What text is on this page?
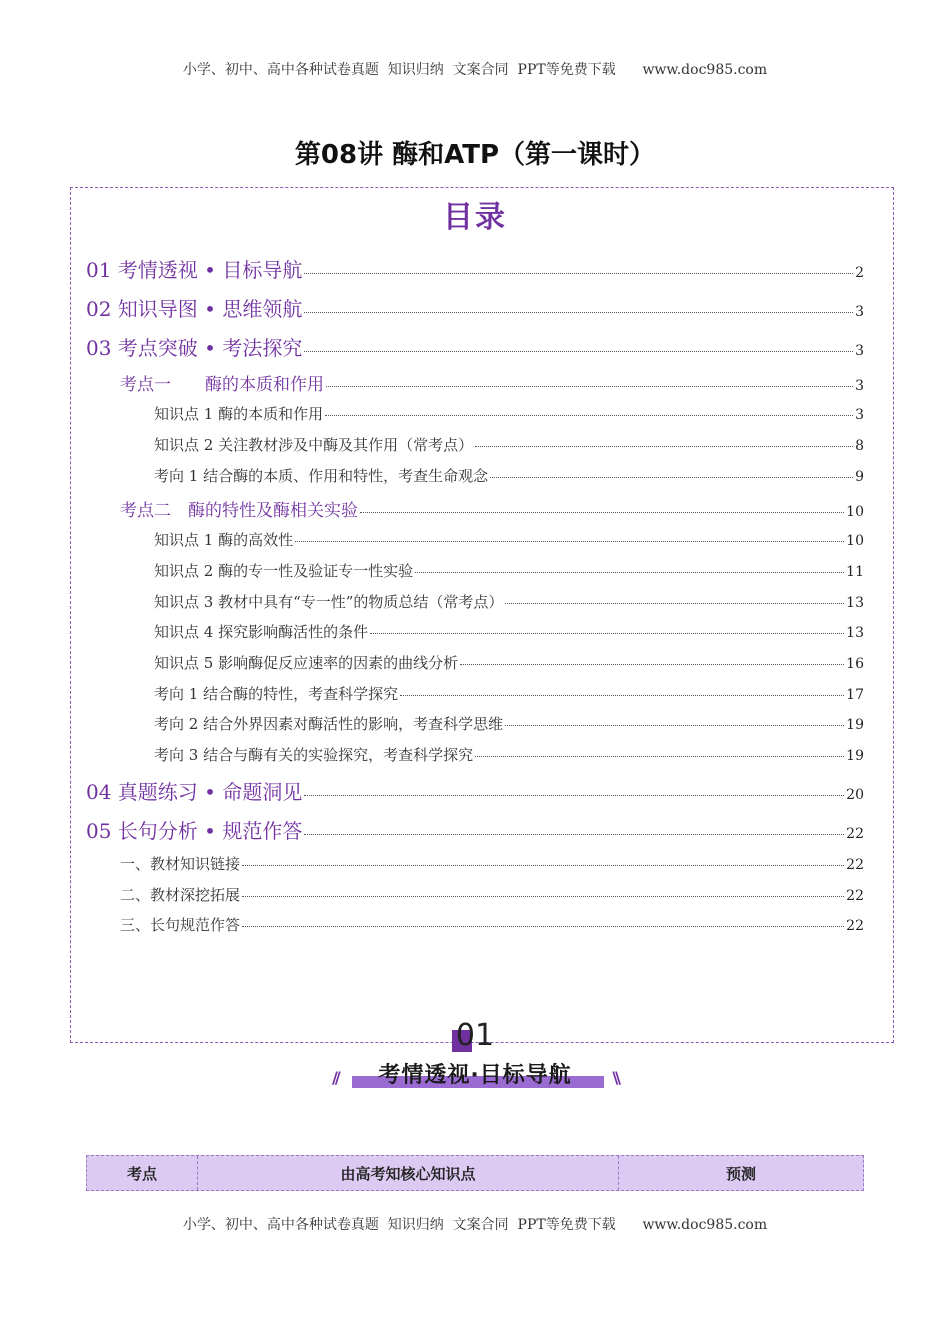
小学、初中、高中各种试卷真题  知识归纳  文案合同  PPT等免费下载      www.doc985.com
第08讲 酶和ATP（第一课时）
目录
01 考情透视 • 目标导航	2
02 知识导图 • 思维领航	3
03 考点突破 • 考法探究	3
考点一　　酶的本质和作用	3
知识点 1 酶的本质和作用	3
知识点 2 关注教材涉及中酶及其作用（常考点）	8
考向 1 结合酶的本质、作用和特性，考查生命观念	9
考点二　酶的特性及酶相关实验	10
知识点 1 酶的高效性	10
知识点 2 酶的专一性及验证专一性实验	11
知识点 3 教材中具有“专一性”的物质总结（常考点）	13
知识点 4 探究影响酶活性的条件	13
知识点 5 影响酶促反应速率的因素的曲线分析	16
考向 1 结合酶的特性，考查科学探究	17
考向 2 结合外界因素对酶活性的影响，考查科学思维	19
考向 3 结合与酶有关的实验探究，考查科学探究	19
04 真题练习 • 命题洞见	20
05 长句分析 • 规范作答	22
一、教材知识链接	22
二、教材深挖拓展	22
三、长句规范作答	22
01
//	考情透视·目标导航	\\
考点	由高考知核心知识点	预测
小学、初中、高中各种试卷真题  知识归纳  文案合同  PPT等免费下载      www.doc985.com
